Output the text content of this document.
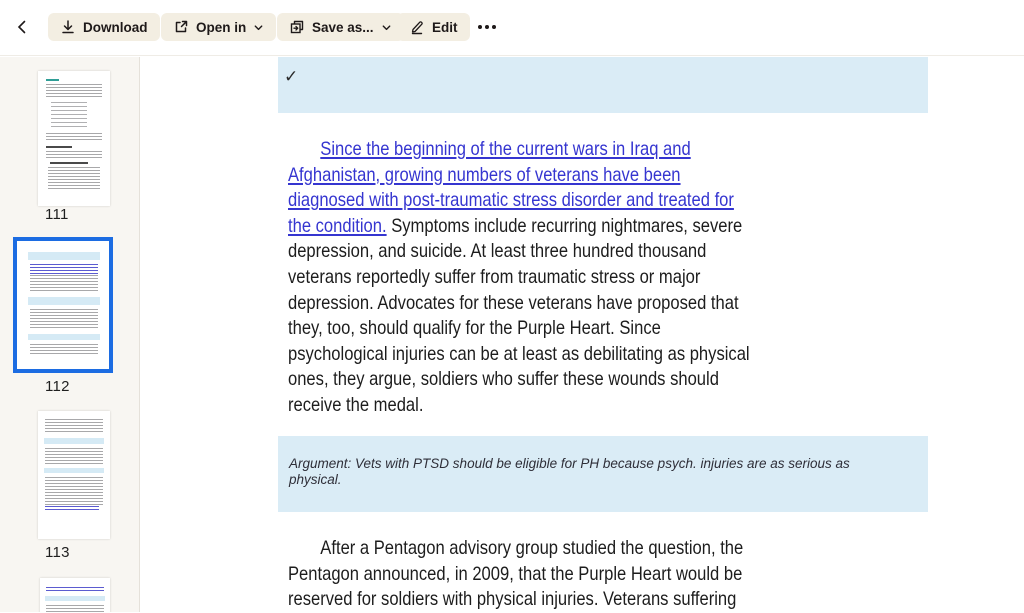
Download	Open in	Save as...	Edit
111
112
113
✓
Since the beginning of the current wars in Iraq and
Afghanistan, growing numbers of veterans have been
diagnosed with post-traumatic stress disorder and treated for
the condition. Symptoms include recurring nightmares, severe
depression, and suicide. At least three hundred thousand
veterans reportedly suffer from traumatic stress or major
depression. Advocates for these veterans have proposed that
they, too, should qualify for the Purple Heart. Since
psychological injuries can be at least as debilitating as physical
ones, they argue, soldiers who suffer these wounds should
receive the medal.
Argument: Vets with PTSD should be eligible for PH because psych. injuries are as serious as
physical.
After a Pentagon advisory group studied the question, the
Pentagon announced, in 2009, that the Purple Heart would be
reserved for soldiers with physical injuries. Veterans suffering
